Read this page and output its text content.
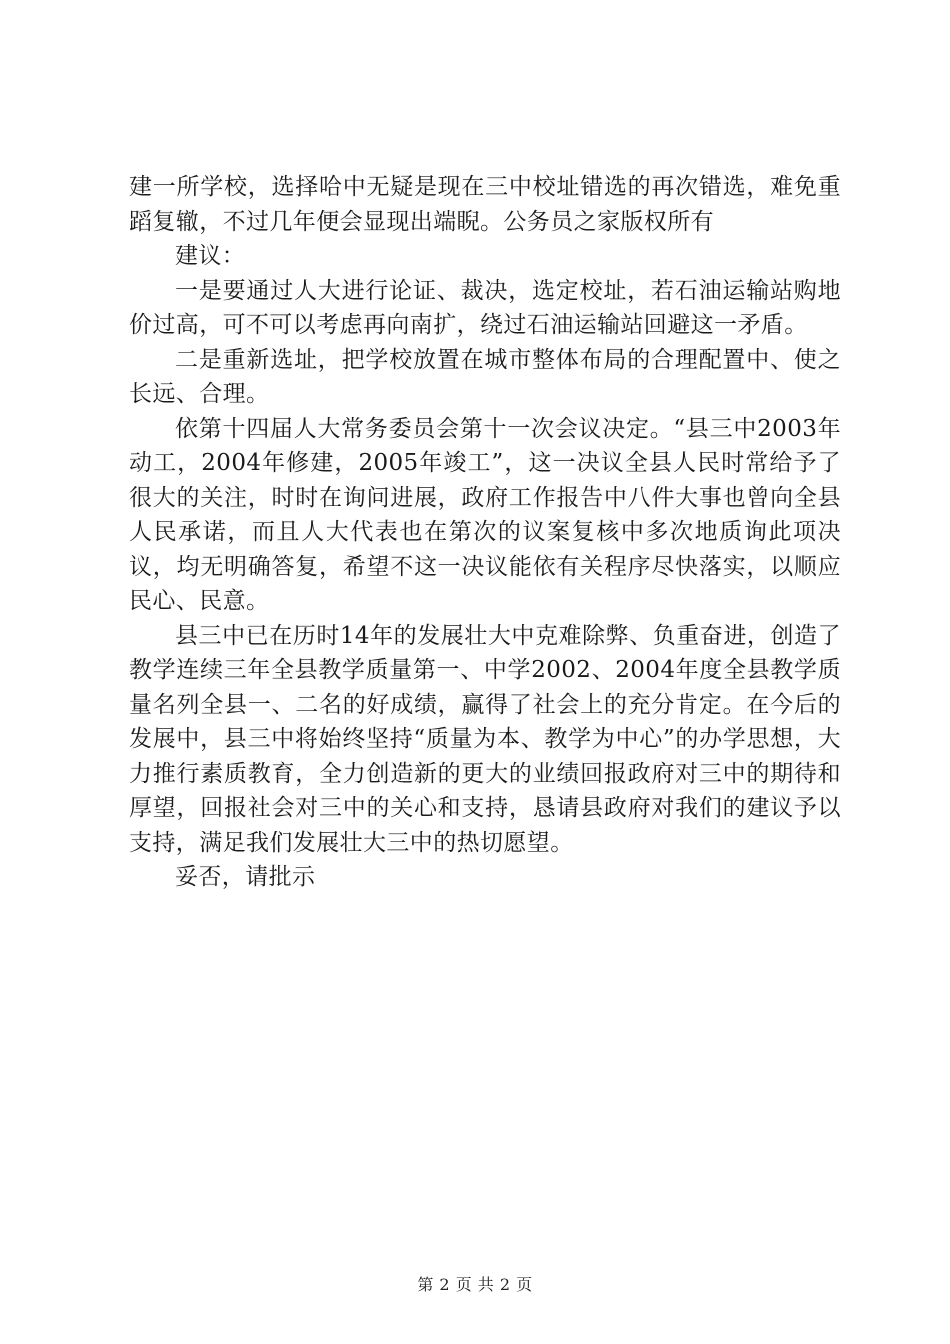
建一所学校，选择哈中无疑是现在三中校址错选的再次错选，难免重蹈复辙，不过几年便会显现出端睨。公务员之家版权所有

建议：

一是要通过人大进行论证、裁决，选定校址，若石油运输站购地价过高，可不可以考虑再向南扩，绕过石油运输站回避这一矛盾。

二是重新选址，把学校放置在城市整体布局的合理配置中、使之长远、合理。

依第十四届人大常务委员会第十一次会议决定。“县三中2003年动工，2004年修建，2005年竣工”，这一决议全县人民时常给予了很大的关注，时时在询问进展，政府工作报告中八件大事也曾向全县人民承诺，而且人大代表也在第次的议案复核中多次地质询此项决议，均无明确答复，希望不这一决议能依有关程序尽快落实，以顺应民心、民意。

县三中已在历时14年的发展壮大中克难除弊、负重奋进，创造了教学连续三年全县教学质量第一、中学2002、2004年度全县教学质量名列全县一、二名的好成绩，赢得了社会上的充分肯定。在今后的发展中，县三中将始终坚持“质量为本、教学为中心”的办学思想，大力推行素质教育，全力创造新的更大的业绩回报政府对三中的期待和厚望，回报社会对三中的关心和支持，恳请县政府对我们的建议予以支持，满足我们发展壮大三中的热切愿望。

妥否，请批示

第 2 页 共 2 页
